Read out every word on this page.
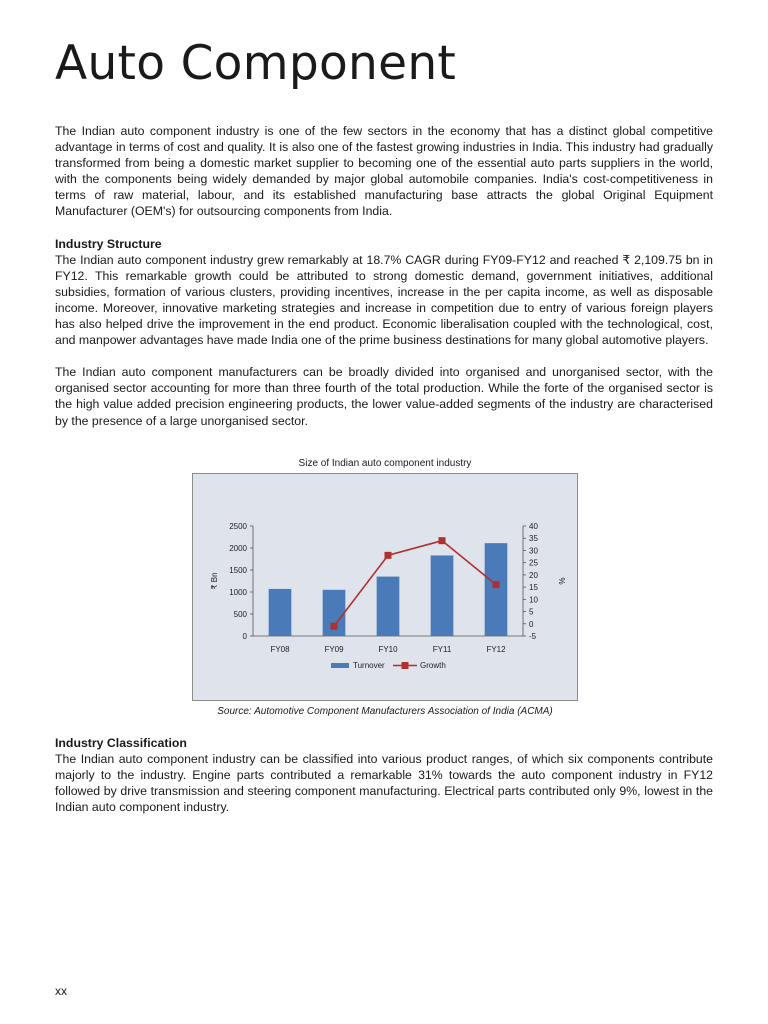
Auto Component

The Indian auto component industry is one of the few sectors in the economy that has a distinct global competitive advantage in terms of cost and quality. It is also one of the fastest growing industries in India. This industry had gradually transformed from being a domestic market supplier to becoming one of the essential auto parts suppliers in the world, with the components being widely demanded by major global automobile companies. India's cost-competitiveness in terms of raw material, labour, and its established manufacturing base attracts the global Original Equipment Manufacturer (OEM's) for outsourcing components from India.

Industry Structure

The Indian auto component industry grew remarkably at 18.7% CAGR during FY09-FY12 and reached ₹ 2,109.75 bn in FY12. This remarkable growth could be attributed to strong domestic demand, government initiatives, additional subsidies, formation of various clusters, providing incentives, increase in the per capita income, as well as disposable income. Moreover, innovative marketing strategies and increase in competition due to entry of various foreign players has also helped drive the improvement in the end product. Economic liberalisation coupled with the technological, cost, and manpower advantages have made India one of the prime business destinations for many global automotive players.

The Indian auto component manufacturers can be broadly divided into organised and unorganised sector, with the organised sector accounting for more than three fourth of the total production. While the forte of the organised sector is the high value added precision engineering products, the lower value-added segments of the industry are characterised by the presence of a large unorganised sector.

Size of Indian auto component industry
0
500
1000
1500
2000
2500
-5
0
5
10
15
20
25
30
35
40
₹ Bn	%
FY08	FY09	FY10	FY11	FY12
Turnover	Growth
Source: Automotive Component Manufacturers Association of India (ACMA)
Industry Classification

The Indian auto component industry can be classified into various product ranges, of which six components contribute majorly to the industry. Engine parts contributed a remarkable 31% towards the auto component industry in FY12 followed by drive transmission and steering component manufacturing. Electrical parts contributed only 9%, lowest in the Indian auto component industry.

xx
